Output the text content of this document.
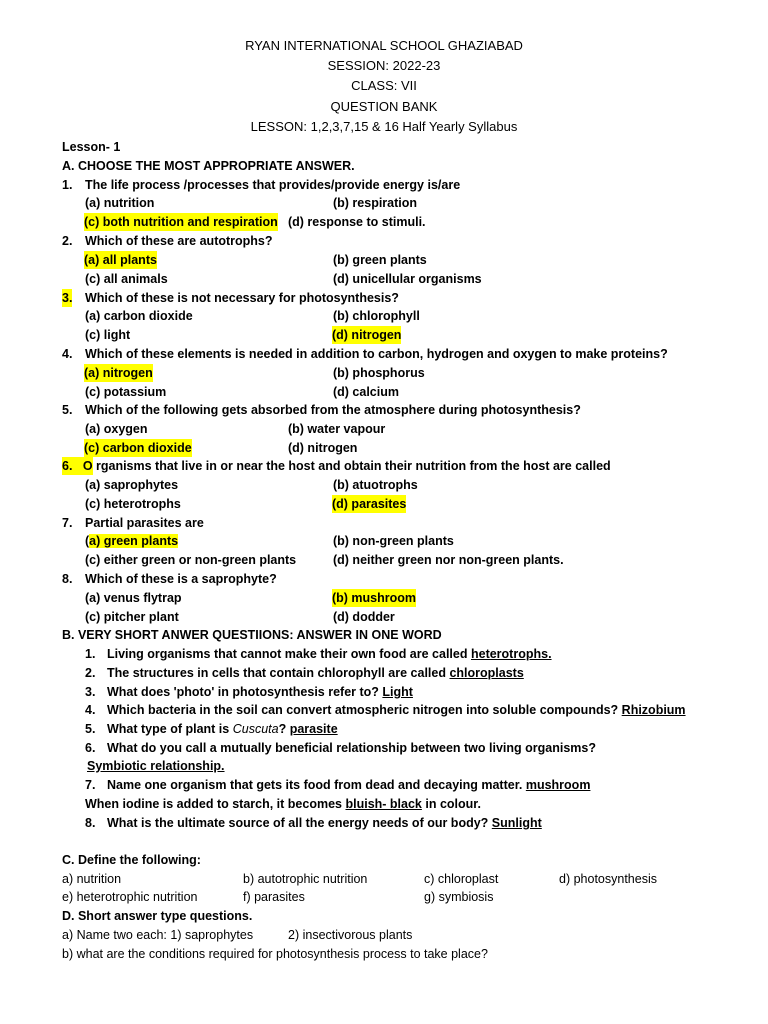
RYAN INTERNATIONAL SCHOOL GHAZIABAD
SESSION: 2022-23
CLASS: VII
QUESTION BANK
LESSON: 1,2,3,7,15 & 16 Half Yearly Syllabus
Lesson- 1
A. CHOOSE THE MOST APPROPRIATE ANSWER.
1. The life process /processes that provides/provide energy is/are
(a) nutrition	(b) respiration
(c) both nutrition and respiration (d) response to stimuli.
2. Which of these are autotrophs?
(a) all plants	(b) green plants
(c) all animals	(d) unicellular organisms
3. Which of these is not necessary for photosynthesis?
(a) carbon dioxide	(b) chlorophyll
(c) light	(d) nitrogen
4. Which of these elements is needed in addition to carbon, hydrogen and oxygen to make proteins?
(a) nitrogen	(b) phosphorus
(c) potassium	(d) calcium
5. Which of the following gets absorbed from the atmosphere during photosynthesis?
(a) oxygen	(b) water vapour
(c) carbon dioxide	(d) nitrogen
6. O rganisms that live in or near the host and obtain their nutrition from the host are called
(a) saprophytes	(b) atuotrophs
(c) heterotrophs	(d) parasites
7. Partial parasites are
(a) green plants	(b) non-green plants
(c) either green or non-green plants	(d) neither green nor non-green plants.
8. Which of these is a saprophyte?
(a) venus flytrap	(b) mushroom
(c) pitcher plant	(d) dodder
B. VERY SHORT ANWER QUESTIIONS: ANSWER IN ONE WORD
1. Living organisms that cannot make their own food are called heterotrophs.
2. The structures in cells that contain chlorophyll are called chloroplasts
3. What does 'photo' in photosynthesis refer to? Light
4. Which bacteria in the soil can convert atmospheric nitrogen into soluble compounds? Rhizobium
5. What type of plant is Cuscuta? parasite
6. What do you call a mutually beneficial relationship between two living organisms?
Symbiotic relationship.
7. Name one organism that gets its food from dead and decaying matter. mushroom
When iodine is added to starch, it becomes bluish- black in colour.
8. What is the ultimate source of all the energy needs of our body? Sunlight
C. Define the following:
a) nutrition	b) autotrophic nutrition	c) chloroplast	d) photosynthesis
e) heterotrophic nutrition	f) parasites	g) symbiosis
D. Short answer type questions.
a) Name two each: 1) saprophytes	2) insectivorous plants
b) what are the conditions required for photosynthesis process to take place?
